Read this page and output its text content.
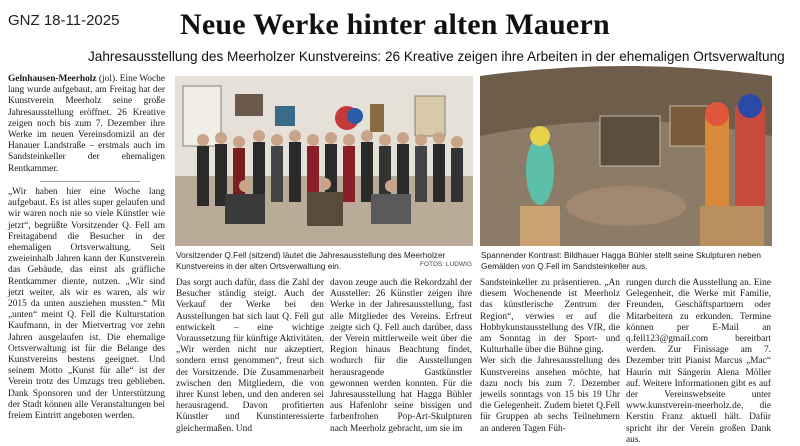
GNZ 18-11-2025 Neue Werke hinter alten Mauern
Jahresausstellung des Meerholzer Kunstvereins: 26 Kreative zeigen ihre Arbeiten in der ehemaligen Ortsverwaltung
Gelnhausen-Meerholz (jol). Eine Woche lang wurde aufgebaut, am Freitag hat der Kunstverein Meerholz seine große Jahresausstellung eröffnet. 26 Kreative zeigen noch bis zum 7. Dezember ihre Werke im neuen Vereinsdomizil an der Hanauer Landstraße – erstmals auch im Sandsteinkeller der ehemaligen Rentkammer.
„Wir haben hier eine Woche lang aufgebaut. Es ist alles super gelaufen und wir waren noch nie so viele Künstler wie jetzt“, begrüßte Vorsitzender Q. Fell am Freitagabend die Besucher in der ehemaligen Ortsverwaltung. Seit zweieinhalb Jahren kann der Kunstverein das Gebäude, das einst als gräfliche Rentkammer diente, nutzen. „Wir sind jetzt weiter, als wir es waren, als wir 2015 da unten ausziehen mussten.“ Mit „unten“ meint Q. Fell die Kulturstation Kaufmann, in der Mietvertrag vor zehn Jahren ausgelaufen ist. Die ehemalige Ortsverwaltung ist für die Belange des Kunstvereins bestens geeignet. Und seinem Motto „Kunst für alle“ ist der Verein trotz des Umzugs treu geblieben. Dank Sponsoren und der Unterstützung der Stadt können alle Veranstaltungen bei freiem Eintritt angeboten werden.
Vorsitzender Q.Fell (sitzend) läutet die Jahresausstellung des Meerholzer Kunstvereins in der alten Ortsverwaltung ein.	FOTOS: LUDWIG
Spannender Kontrast: Bildhauer Hagga Bühler stellt seine Skulpturen neben Gemälden von Q.Fell im Sandsteinkeller aus.
Das sorgt auch dafür, dass die Zahl der Besucher ständig steigt. Auch der Verkauf der Werke bei den Ausstellungen hat sich laut Q. Fell gut entwickelt – eine wichtige Voraussetzung für künftige Aktivitäten. „Wir werden nicht nur akzeptiert, sondern ernst genommen“, freut sich der Vorsitzende. Die Zusammenarbeit zwischen den Mitgliedern, die von ihrer Kunst leben, und den anderen sei herausragend. Davon profitierten Künstler und Kunstinteressierte gleichermaßen. Und
davon zeuge auch die Rekordzahl der Aussteller: 26 Künstler zeigen ihre Werke in der Jahresausstellung, fast alle Mitglieder des Vereins. Erfreut zeigte sich Q. Fell auch darüber, dass der Verein mittlerweile weit über die Region hinaus Beachtung findet, wodurch für die Ausstellungen herausragende Gastkünstler gewonnen werden konnten. Für die Jahresausstellung hat Hagga Bühler aus Hafenlohr seine bissigen und farbenfrohen Pop-Art-Skulpturen nach Meerholz gebracht, um sie im
Sandsteinkeller zu präsentieren. „An diesem Wochenende ist Meerholz das künstlerische Zentrum der Region“, verwies er auf die Hobbykunstausstellung des VfR, die am Sonntag in der Sport- und Kulturhalle über die Bühne ging.
Wer sich die Jahresausstellung des Kunstvereins ansehen möchte, hat dazu noch bis zum 7. Dezember jeweils sonntags von 15 bis 19 Uhr die Gelegenheit. Zudem bietet Q.Fell für Gruppen ab sechs Teilnehmern an anderen Tagen Füh-
rungen durch die Ausstellung an. Eine Gelegenheit, die Werke mit Familie, Freunden, Geschäftspartnern oder Mitarbeitern zu erkunden. Termine können per E-Mail an q.fell123@gmail.com bereitbart werden. Zur Finissage am 7. Dezember tritt Pianist Marcus „Mac“ Haurin mit Sängerin Alena Möller auf. Weitere Informationen gibt es auf der Vereinswebseite unter www.kunstverein-meerholz.de, die Kerstin Franz aktuell hält. Dafür spricht ihr der Verein großen Dank aus.
